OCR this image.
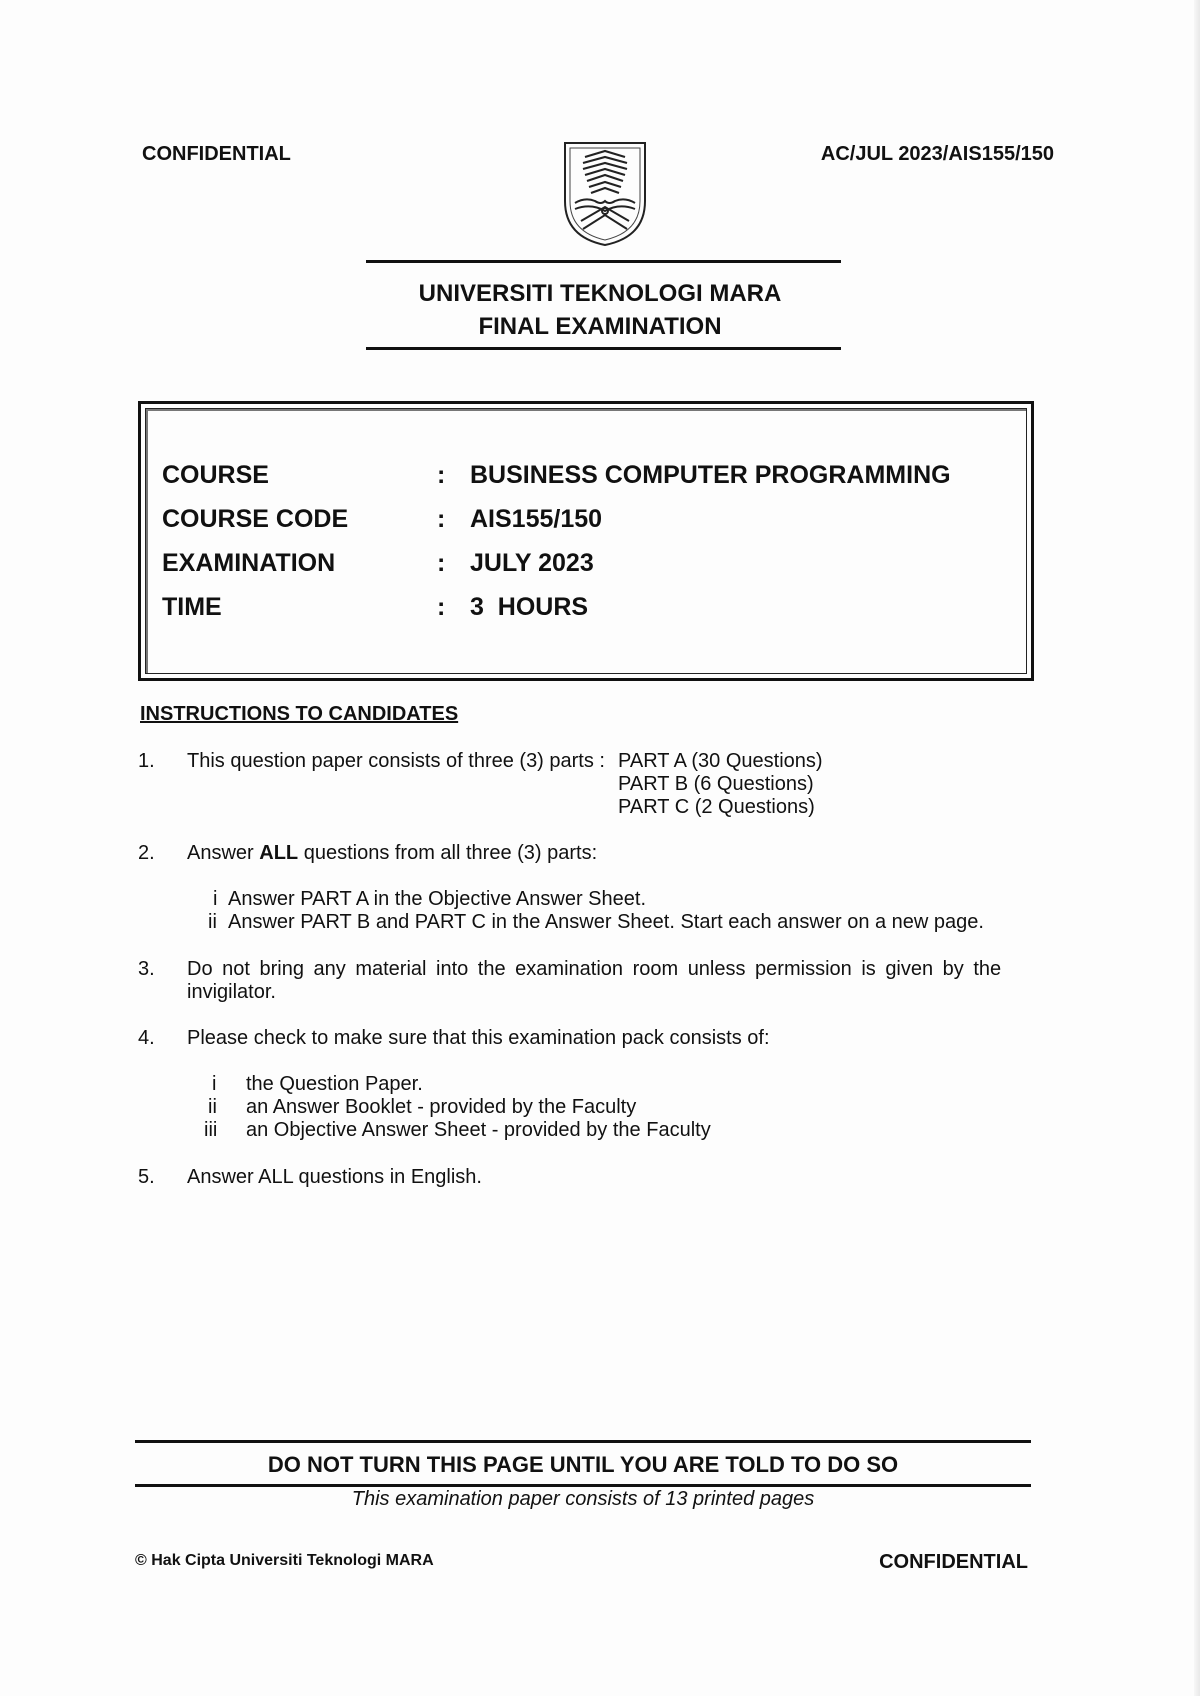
CONFIDENTIAL	AC/JUL 2023/AIS155/150
UNIVERSITI TEKNOLOGI MARA
FINAL EXAMINATION
COURSE	: BUSINESS COMPUTER PROGRAMMING
COURSE CODE	: AIS155/150
EXAMINATION	: JULY 2023
TIME	: 3  HOURS
INSTRUCTIONS TO CANDIDATES
1. This question paper consists of three (3) parts : PART A (30 Questions)
PART B (6 Questions)
PART C (2 Questions)
2. Answer ALL questions from all three (3) parts:
i Answer PART A in the Objective Answer Sheet.
ii Answer PART B and PART C in the Answer Sheet. Start each answer on a new page.
3. Do not bring any material into the examination room unless permission is given by the
invigilator.
4. Please check to make sure that this examination pack consists of:
i the Question Paper.
ii an Answer Booklet - provided by the Faculty
iii an Objective Answer Sheet - provided by the Faculty
5. Answer ALL questions in English.
DO NOT TURN THIS PAGE UNTIL YOU ARE TOLD TO DO SO
This examination paper consists of 13 printed pages
© Hak Cipta Universiti Teknologi MARA	CONFIDENTIAL
